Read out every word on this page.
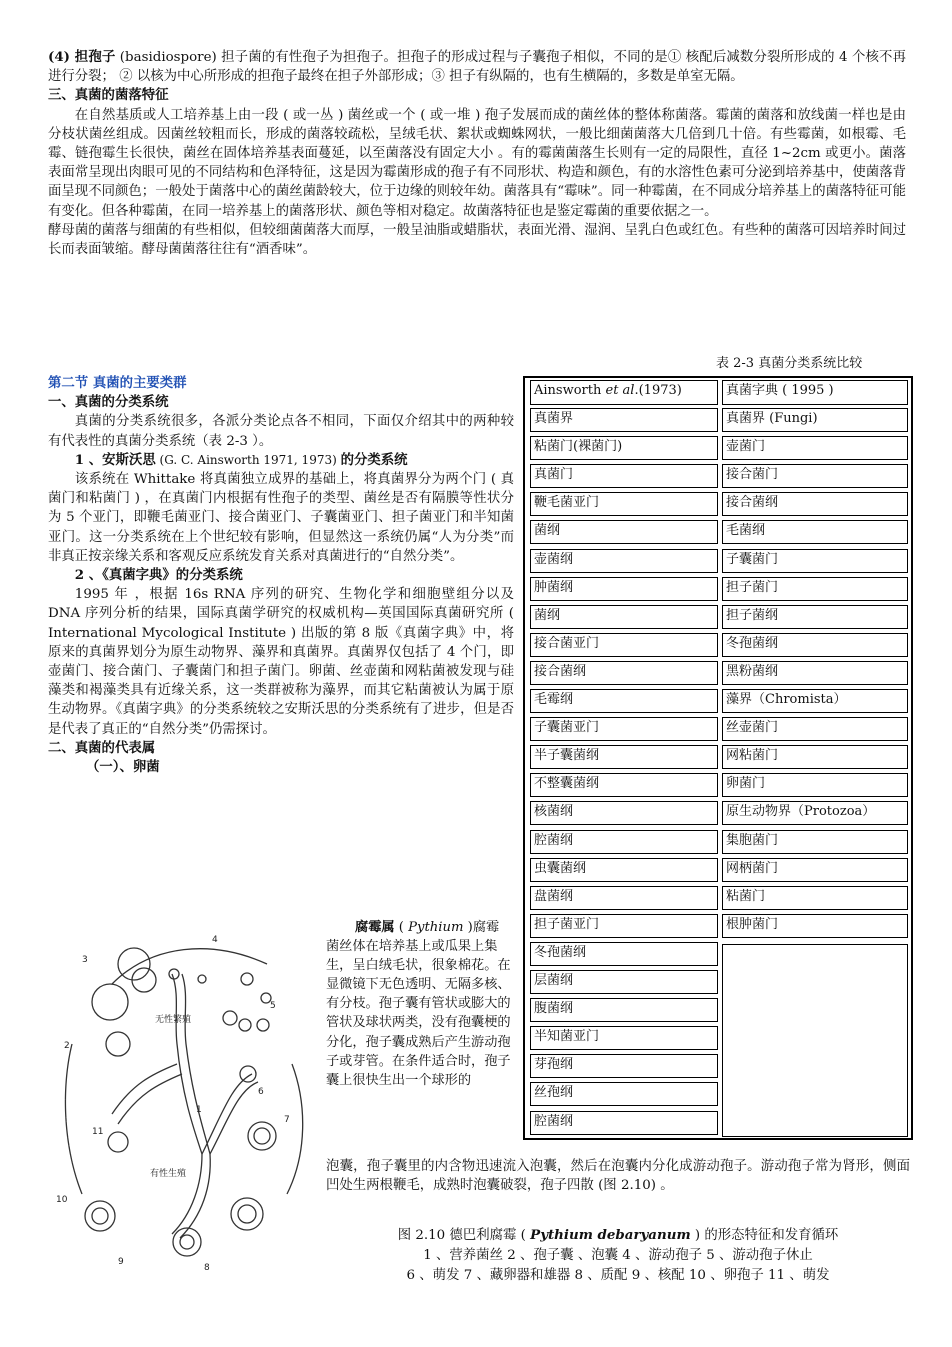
(4) 担孢子 (basidiospore) 担子菌的有性孢子为担孢子。担孢子的形成过程与子囊孢子相似，不同的是① 核配后减数分裂所形成的 4 个核不再进行分裂； ② 以核为中心所形成的担孢子最终在担子外部形成；③ 担子有纵隔的，也有生横隔的，多数是单室无隔。

三、真菌的菌落特征

在自然基质或人工培养基上由一段 ( 或一丛 ) 菌丝或一个 ( 或一堆 ) 孢子发展而成的菌丝体的整体称菌落。霉菌的菌落和放线菌一样也是由分枝状菌丝组成。因菌丝较粗而长，形成的菌落较疏松，呈绒毛状、絮状或蜘蛛网状，一般比细菌菌落大几倍到几十倍。有些霉菌，如根霉、毛霉、链孢霉生长很快，菌丝在固体培养基表面蔓延，以至菌落没有固定大小 。有的霉菌菌落生长则有一定的局限性，直径 1~2cm 或更小。菌落表面常呈现出肉眼可见的不同结构和色泽特征，这是因为霉菌形成的孢子有不同形状、构造和颜色，有的水溶性色素可分泌到培养基中，使菌落背面呈现不同颜色；一般处于菌落中心的菌丝菌龄较大，位于边缘的则较年幼。菌落具有“霉味”。同一种霉菌，在不同成分培养基上的菌落特征可能有变化。但各种霉菌，在同一培养基上的菌落形状、颜色等相对稳定。故菌落特征也是鉴定霉菌的重要依据之一。

酵母菌的菌落与细菌的有些相似，但较细菌菌落大而厚，一般呈油脂或蜡脂状，表面光滑、湿润、呈乳白色或红色。有些种的菌落可因培养时间过长而表面皱缩。酵母菌菌落往往有“酒香味”。

表 2-3 真菌分类系统比较
Ainsworth et al.(1973)	真菌字典 ( 1995 )
真菌界
粘菌门(裸菌门)
真菌门
鞭毛菌亚门
菌纲
壶菌纲
肿菌纲
菌纲
接合菌亚门
接合菌纲
毛霉纲
子囊菌亚门
半子囊菌纲
不整囊菌纲
核菌纲
腔菌纲
虫囊菌纲
盘菌纲
担子菌亚门
冬孢菌纲
层菌纲
腹菌纲
半知菌亚门
芽孢纲
丝孢纲
腔菌纲
真菌界 (Fungi)
壶菌门
接合菌门
接合菌纲
毛菌纲
子囊菌门
担子菌门
担子菌纲
冬孢菌纲
黑粉菌纲
藻界（Chromista）
丝壶菌门
网粘菌门
卵菌门
原生动物界（Protozoa）
集胞菌门
网柄菌门
粘菌门
根肿菌门

第二节 真菌的主要类群

一、真菌的分类系统

真菌的分类系统很多，各派分类论点各不相同，下面仅介绍其中的两种较有代表性的真菌分类系统（表 2-3 ）。

1 、安斯沃思 (G. C. Ainsworth 1971, 1973) 的分类系统

该系统在 Whittake 将真菌独立成界的基础上，将真菌界分为两个门 ( 真菌门和粘菌门 ) ，在真菌门内根据有性孢子的类型、菌丝是否有隔膜等性状分为 5 个亚门，即鞭毛菌亚门、接合菌亚门、子囊菌亚门、担子菌亚门和半知菌亚门。这一分类系统在上个世纪较有影响，但显然这一系统仍属“人为分类”而非真正按亲缘关系和客观反应系统发育关系对真菌进行的“自然分类”。

2 、《真菌字典》的分类系统

1995 年 ，根据 16s RNA 序列的研究、生物化学和细胞壁组分以及 DNA 序列分析的结果，国际真菌学研究的权威机构—英国国际真菌研究所 ( International Mycological Institute ) 出版的第 8 版《真菌字典》中，将原来的真菌界划分为原生动物界、藻界和真菌界。真菌界仅包括了 4 个门，即壶菌门、接合菌门、子囊菌门和担子菌门。卵菌、丝壶菌和网粘菌被发现与硅藻类和褐藻类具有近缘关系，这一类群被称为藻界，而其它粘菌被认为属于原生动物界。《真菌字典》的分类系统较之安斯沃思的分类系统有了进步，但是否是代表了真正的“自然分类”仍需探讨。

二、真菌的代表属

（一）、卵菌

腐霉属 ( Pythium )腐霉菌丝体在培养基上或瓜果上集生，呈白绒毛状，很象棉花。在显微镜下无色透明、无隔多核、有分枝。孢子囊有管状或膨大的管状及球状两类，没有孢囊梗的分化，孢子囊成熟后产生游动孢子或芽管。在条件适合时，孢子囊上很快生出一个球形的

泡囊，孢子囊里的内含物迅速流入泡囊，然后在泡囊内分化成游动孢子。游动孢子常为肾形，侧面凹处生两根鞭毛，成熟时泡囊破裂，孢子四散 (图 2.10) 。

图 2.10 德巴利腐霉 ( Pythium debaryanum ) 的形态特征和发育循环
1 、营养菌丝 2 、孢子囊 、泡囊 4 、游动孢子 5 、游动孢子休止
6 、萌发 7 、藏卵器和雄器 8 、质配 9 、核配 10 、卵孢子 11 、萌发
无性繁殖
有性生殖
1
2
3
4
5
6
7
8
9
10
11
